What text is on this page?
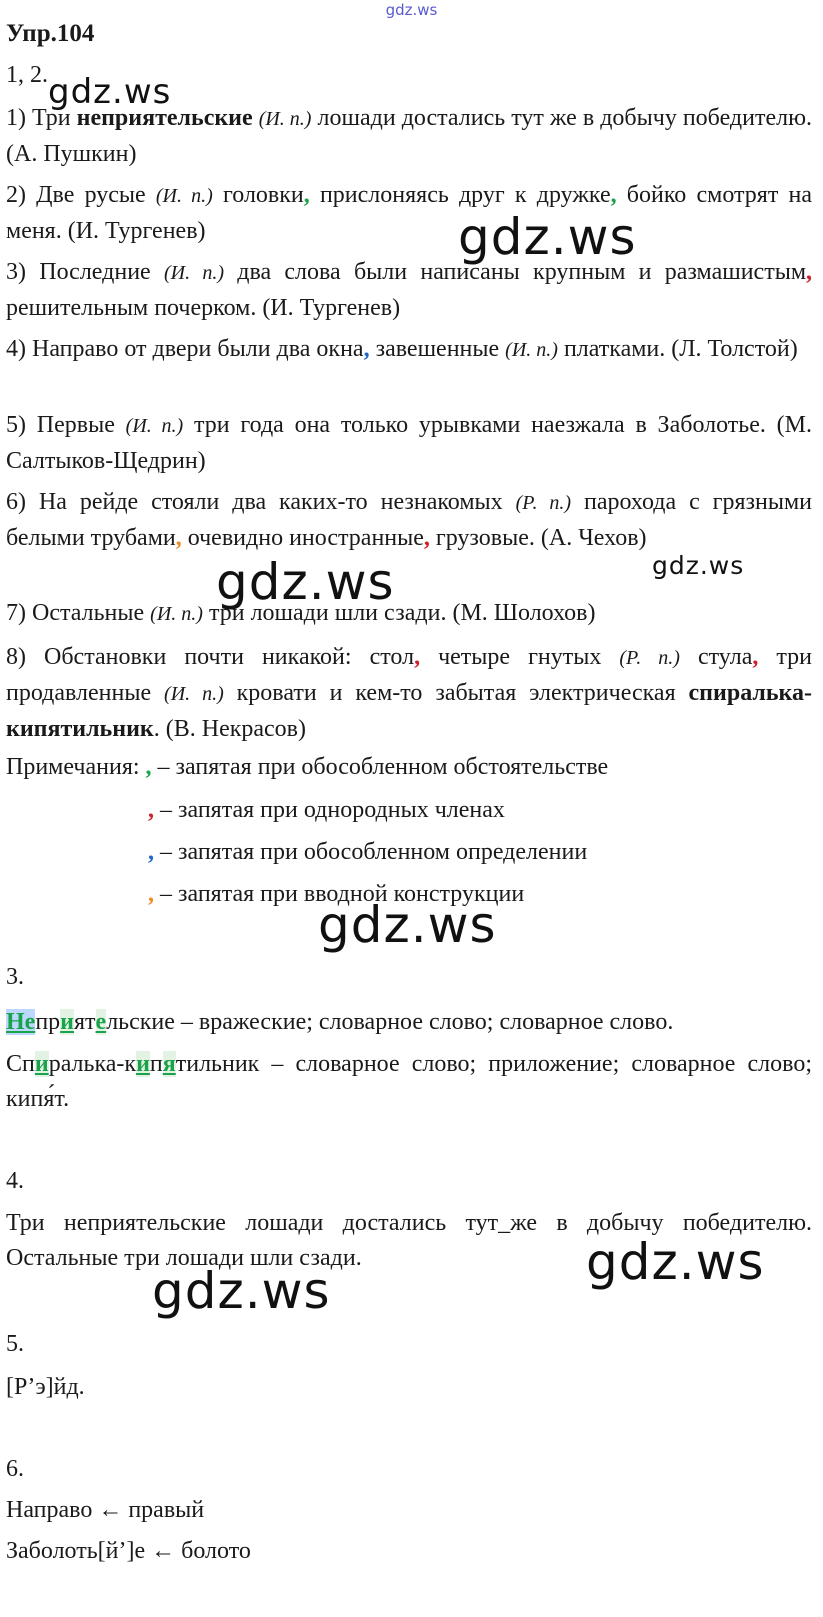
gdz.ws
Упр.104
1, 2.

1) Три неприятельские (И. п.) лошади достались тут же в добычу победителю. (А. Пушкин)

2) Две русые (И. п.) головки, прислоняясь друг к дружке, бойко смотрят на меня. (И. Тургенев)

3) Последние (И. п.) два слова были написаны крупным и размашистым, решительным почерком. (И. Тургенев)

4) Направо от двери были два окна, завешенные (И. п.) платками. (Л. Толстой)

5) Первые (И. п.) три года она только урывками наезжала в Заболотье. (М. Салтыков-Щедрин)

6) На рейде стояли два каких-то незнакомых (Р. п.) парохода с грязными белыми трубами, очевидно иностранные, грузовые. (А. Чехов)

7) Остальные (И. п.) три лошади шли сзади. (М. Шолохов)

8) Обстановки почти никакой: стол, четыре гнутых (Р. п.) стула, три продавленные (И. п.) кровати и кем-то забытая электрическая спиралька-кипятильник. (В. Некрасов)

Примечания: , – запятая при обособленном обстоятельстве
, – запятая при однородных членах
, – запятая при обособленном определении
, – запятая при вводной конструкции
3.

Неприятельские – вражеские; словарное слово; словарное слово.

Спиралька-кипятильник – словарное слово; приложение; словарное слово; кипя́т.

4.

Три неприятельские лошади достались тут_же в добычу победителю. Остальные три лошади шли сзади.

5.
[Р’э]йд.
6.
Направо ← правый
Заболоть[й’]е ← болото
gdz.ws
gdz.ws
gdz.ws
gdz.ws
gdz.ws
gdz.ws
gdz.ws
